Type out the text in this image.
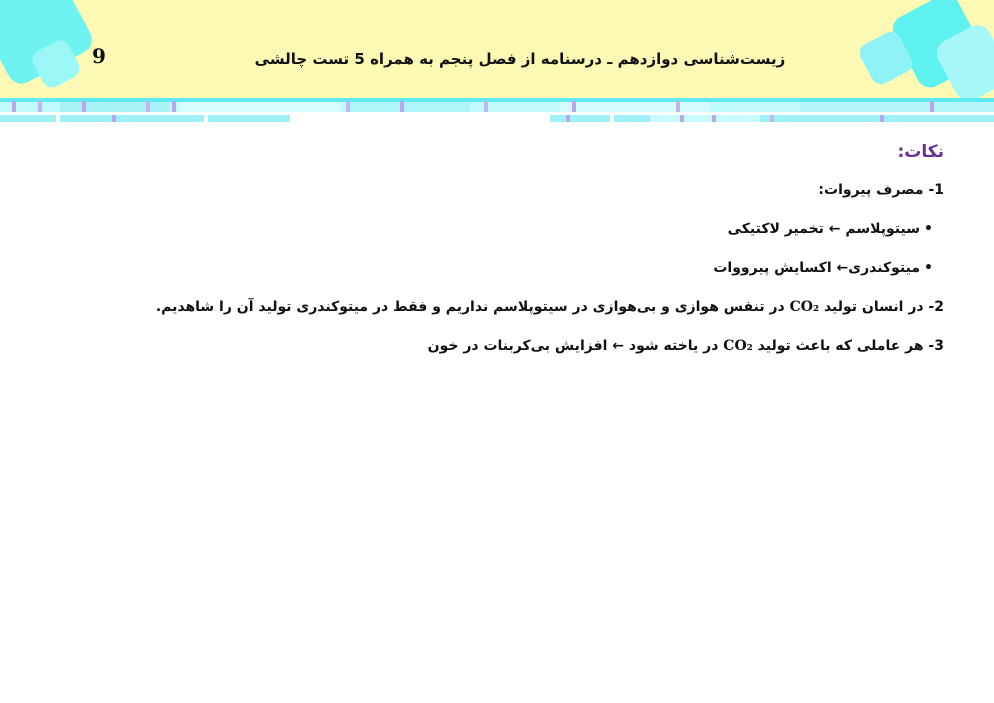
9	زیست‌شناسی دوازدهم ـ درسنامه از فصل پنجم به همراه 5 تست چالشی
نکات:
1- مصرف پیروات:
• سیتوپلاسم ← تخمیر لاکتیکی
• میتوکندری← اکسایش پیرووات
2- در انسان تولید CO₂ در تنفس هوازی و بی‌هوازی در سیتوپلاسم نداریم و فقط در میتوکندری تولید آن را شاهدیم.
3- هر عاملی که باعث تولید CO₂ در یاخته شود ← افزایش بی‌کربنات در خون
